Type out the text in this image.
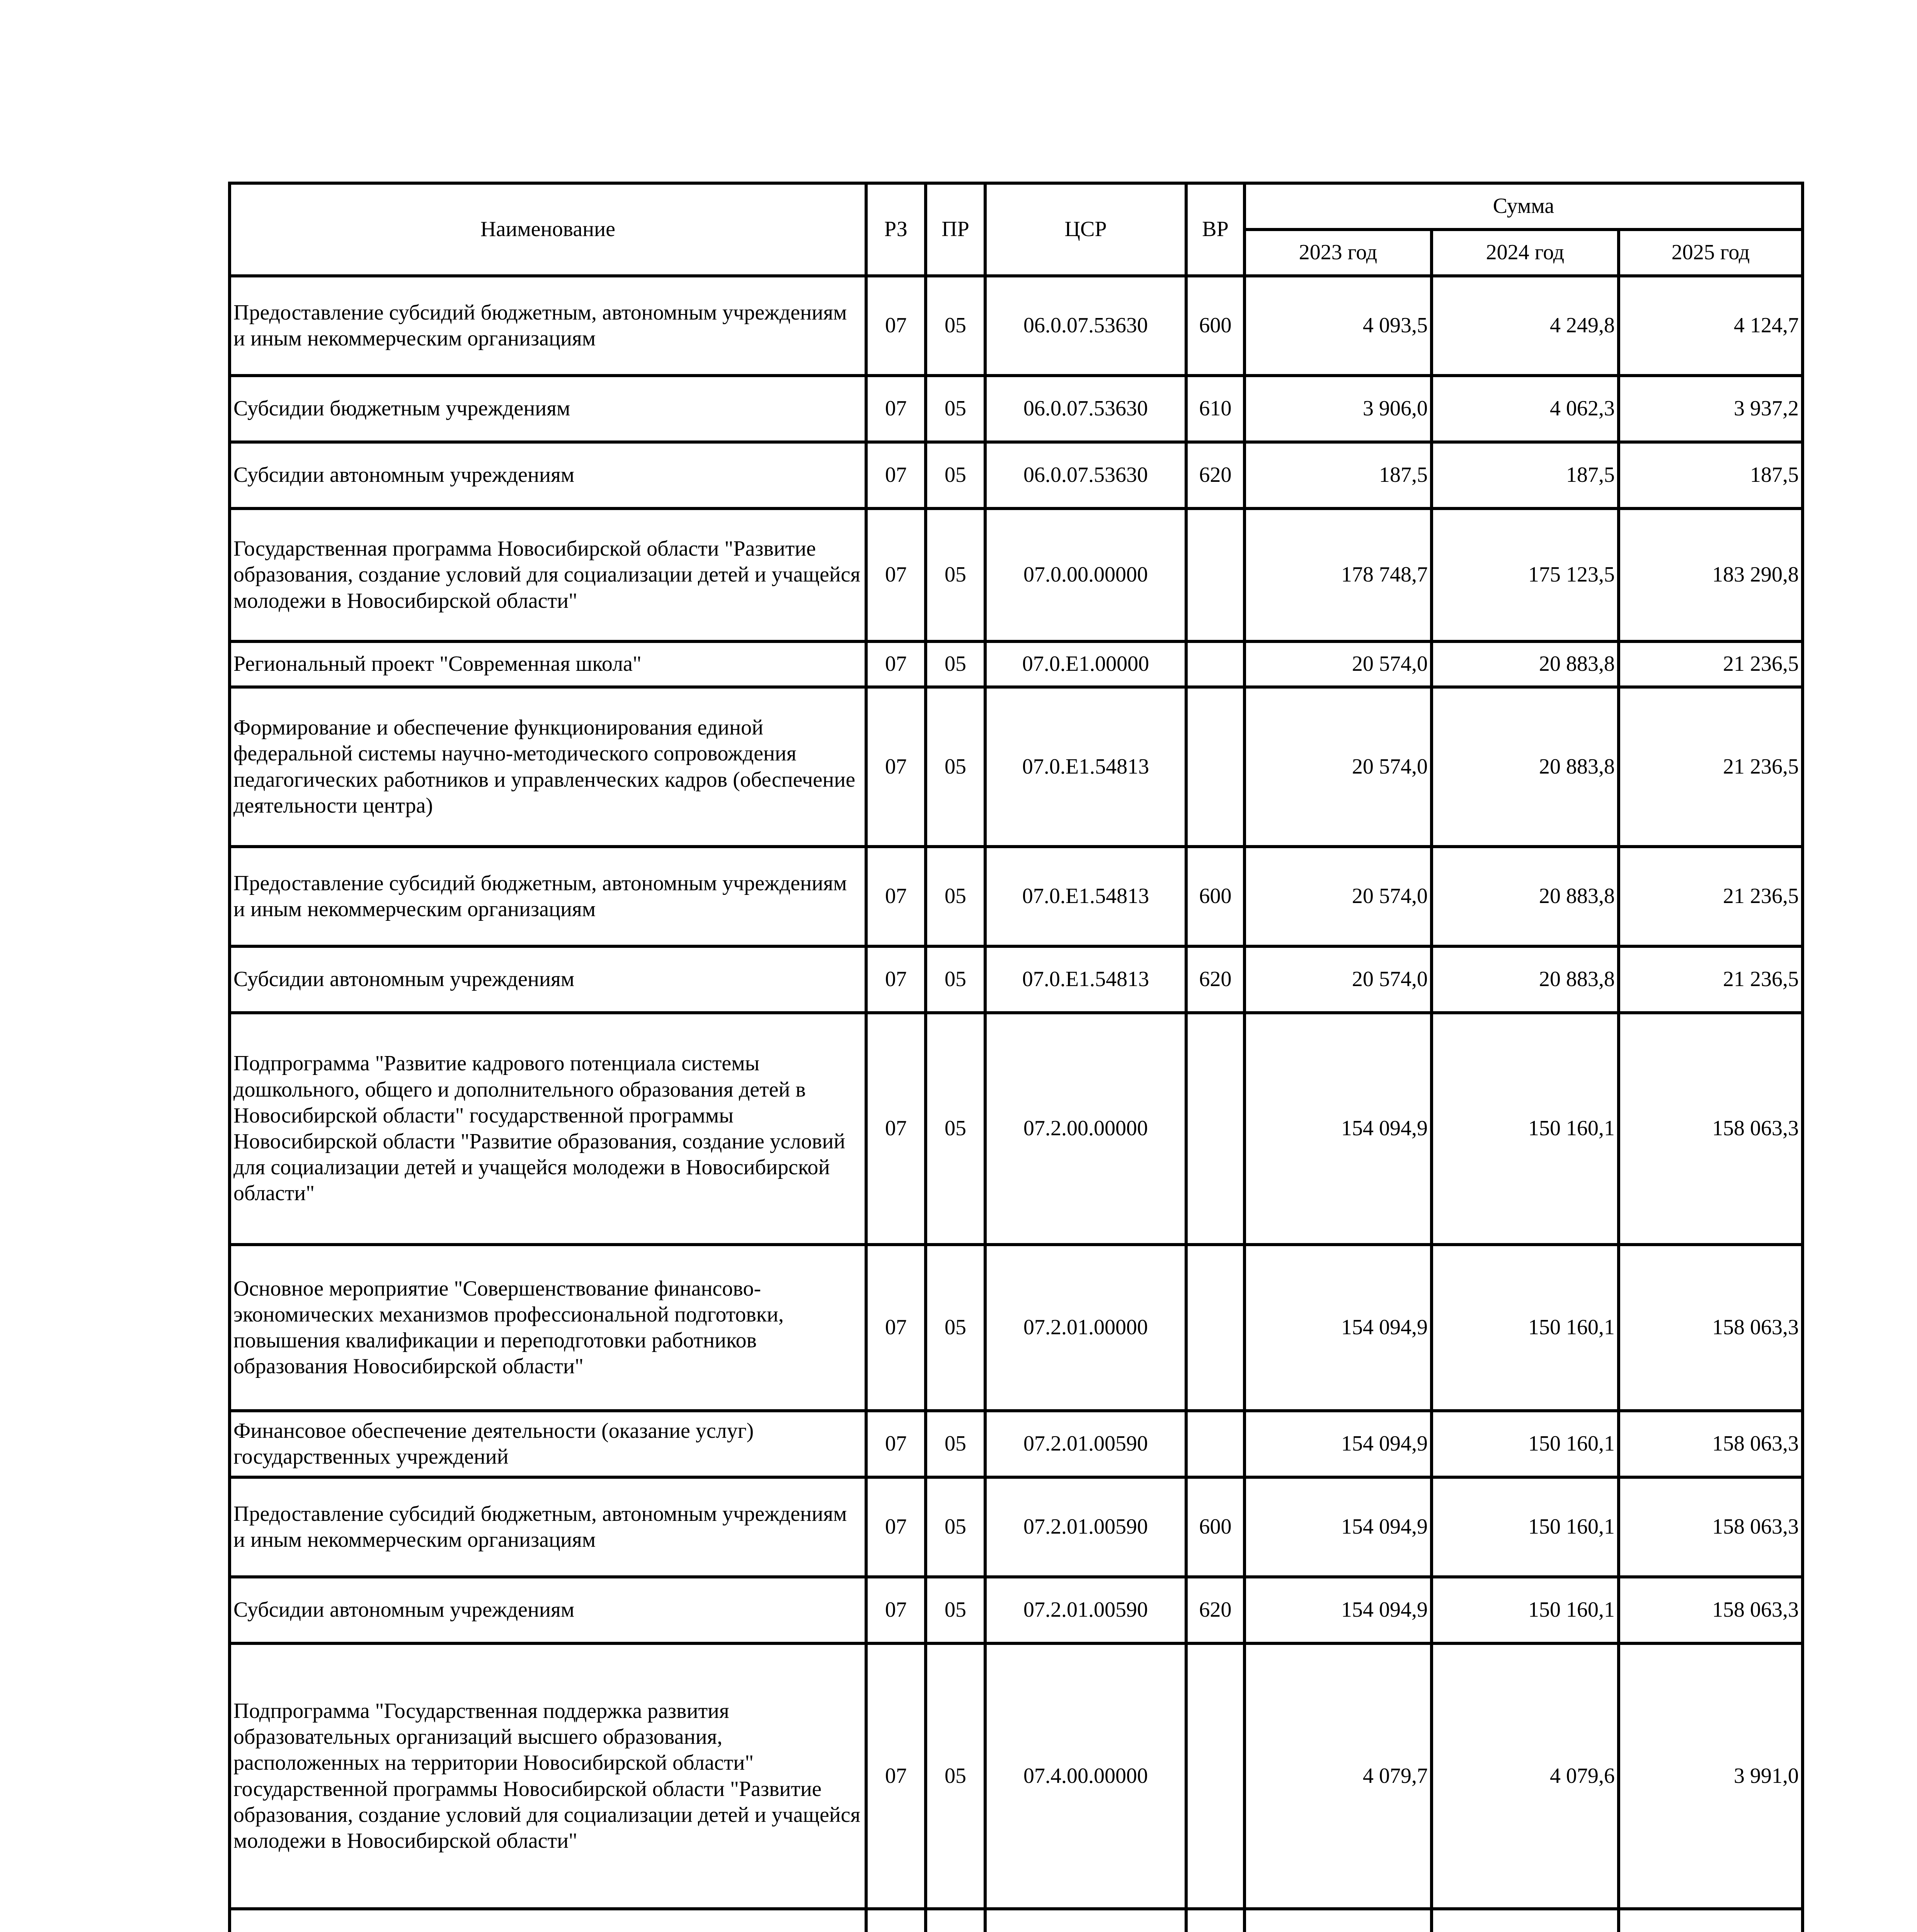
Наименование	РЗ	ПР	ЦСР	ВР	Сумма		
					2023 год	2024 год	2025 год
Предоставление субсидий бюджетным, автономным учреждениям и иным некоммерческим организациям	07	05	06.0.07.53630	600	4 093,5	4 249,8	4 124,7
Субсидии бюджетным учреждениям	07	05	06.0.07.53630	610	3 906,0	4 062,3	3 937,2
Субсидии автономным учреждениям	07	05	06.0.07.53630	620	187,5	187,5	187,5
Государственная программа Новосибирской области "Развитие образования, создание условий для социализации детей и учащейся молодежи в Новосибирской области"	07	05	07.0.00.00000		178 748,7	175 123,5	183 290,8
Региональный проект "Современная школа"	07	05	07.0.E1.00000		20 574,0	20 883,8	21 236,5
Формирование и обеспечение функционирования единой федеральной системы научно-методического сопровождения педагогических работников и управленческих кадров (обеспечение деятельности центра)	07	05	07.0.E1.54813		20 574,0	20 883,8	21 236,5
Предоставление субсидий бюджетным, автономным учреждениям и иным некоммерческим организациям	07	05	07.0.E1.54813	600	20 574,0	20 883,8	21 236,5
Субсидии автономным учреждениям	07	05	07.0.E1.54813	620	20 574,0	20 883,8	21 236,5
Подпрограмма "Развитие кадрового потенциала системы дошкольного, общего и дополнительного образования детей в Новосибирской области" государственной программы Новосибирской области "Развитие образования, создание условий для социализации детей и учащейся молодежи в Новосибирской области"	07	05	07.2.00.00000		154 094,9	150 160,1	158 063,3
Основное мероприятие "Совершенствование финансово-экономических механизмов профессиональной подготовки, повышения квалификации и переподготовки работников образования Новосибирской области"	07	05	07.2.01.00000		154 094,9	150 160,1	158 063,3
Финансовое обеспечение деятельности (оказание услуг) государственных учреждений	07	05	07.2.01.00590		154 094,9	150 160,1	158 063,3
Предоставление субсидий бюджетным, автономным учреждениям и иным некоммерческим организациям	07	05	07.2.01.00590	600	154 094,9	150 160,1	158 063,3
Субсидии автономным учреждениям	07	05	07.2.01.00590	620	154 094,9	150 160,1	158 063,3
Подпрограмма "Государственная поддержка развития образовательных организаций высшего образования, расположенных на территории Новосибирской области" государственной программы Новосибирской области "Развитие образования, создание условий для социализации детей и учащейся молодежи в Новосибирской области"	07	05	07.4.00.00000		4 079,7	4 079,6	3 991,0
